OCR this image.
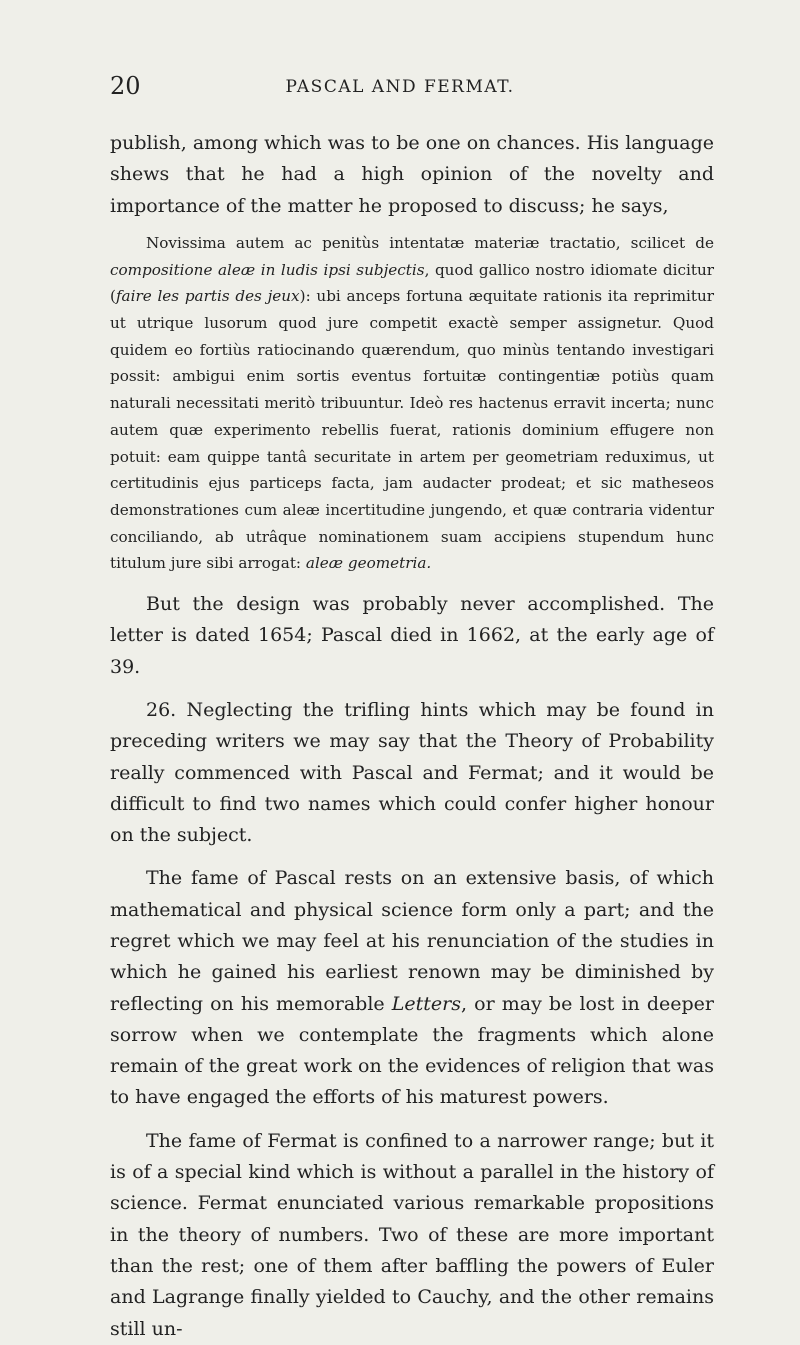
20	PASCAL AND FERMAT.

publish, among which was to be one on chances. His language shews that he had a high opinion of the novelty and importance of the matter he proposed to discuss; he says,

Novissima autem ac penitùs intentatæ materiæ tractatio, scilicet de compositione aleæ in ludis ipsi subjectis, quod gallico nostro idiomate dicitur (faire les partis des jeux): ubi anceps fortuna æquitate rationis ita reprimitur ut utrique lusorum quod jure competit exactè semper assignetur. Quod quidem eo fortiùs ratiocinando quærendum, quo minùs tentando investigari possit: ambigui enim sortis eventus fortuitæ contingentiæ potiùs quam naturali necessitati meritò tribuuntur. Ideò res hactenus erravit incerta; nunc autem quæ experimento rebellis fuerat, rationis dominium effugere non potuit: eam quippe tantâ securitate in artem per geometriam reduximus, ut certitudinis ejus particeps facta, jam audacter prodeat; et sic matheseos demonstrationes cum aleæ incertitudine jungendo, et quæ contraria videntur conciliando, ab utrâque nominationem suam accipiens stupendum hunc titulum jure sibi arrogat: aleæ geometria.

But the design was probably never accomplished. The letter is dated 1654; Pascal died in 1662, at the early age of 39.

26. Neglecting the trifling hints which may be found in preceding writers we may say that the Theory of Probability really commenced with Pascal and Fermat; and it would be difficult to find two names which could confer higher honour on the subject.

The fame of Pascal rests on an extensive basis, of which mathematical and physical science form only a part; and the regret which we may feel at his renunciation of the studies in which he gained his earliest renown may be diminished by reflecting on his memorable Letters, or may be lost in deeper sorrow when we contemplate the fragments which alone remain of the great work on the evidences of religion that was to have engaged the efforts of his maturest powers.

The fame of Fermat is confined to a narrower range; but it is of a special kind which is without a parallel in the history of science. Fermat enunciated various remarkable propositions in the theory of numbers. Two of these are more important than the rest; one of them after baffling the powers of Euler and Lagrange finally yielded to Cauchy, and the other remains still un-
